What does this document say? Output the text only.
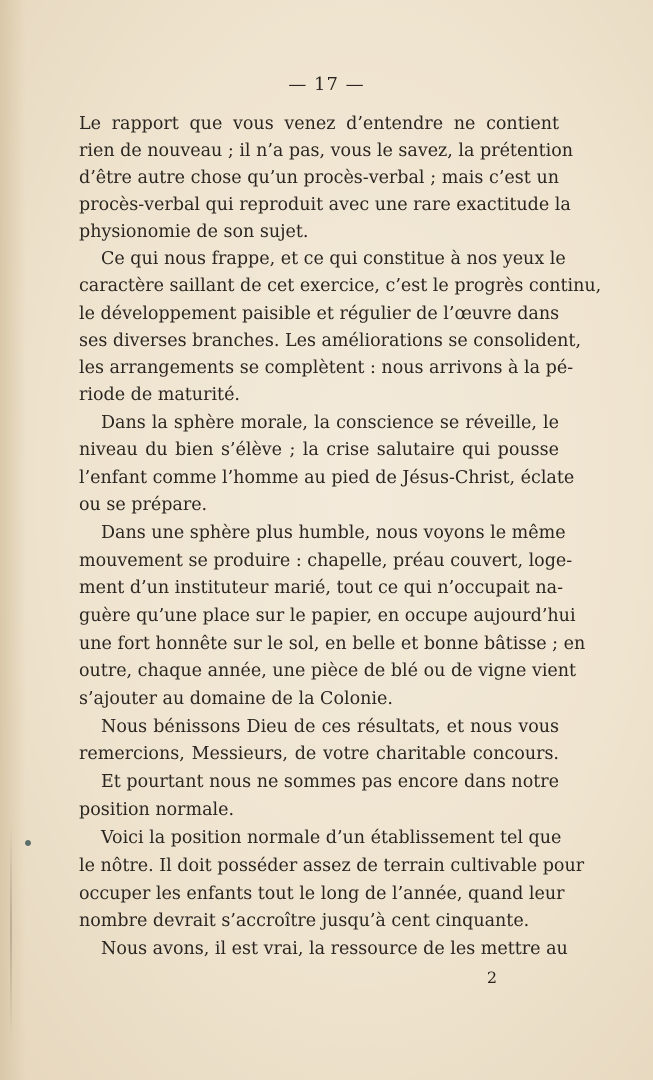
— 17 —
Le rapport que vous venez d’entendre ne contient
rien de nouveau ; il n’a pas, vous le savez, la prétention
d’être autre chose qu’un procès-verbal ; mais c’est un
procès-verbal qui reproduit avec une rare exactitude la
physionomie de son sujet.
Ce qui nous frappe, et ce qui constitue à nos yeux le
caractère saillant de cet exercice, c’est le progrès continu,
le développement paisible et régulier de l’œuvre dans
ses diverses branches. Les améliorations se consolident,
les arrangements se complètent : nous arrivons à la pé-
riode de maturité.
Dans la sphère morale, la conscience se réveille, le
niveau du bien s’élève ; la crise salutaire qui pousse
l’enfant comme l’homme au pied de Jésus-Christ, éclate
ou se prépare.
Dans une sphère plus humble, nous voyons le même
mouvement se produire : chapelle, préau couvert, loge-
ment d’un instituteur marié, tout ce qui n’occupait na-
guère qu’une place sur le papier, en occupe aujourd’hui
une fort honnête sur le sol, en belle et bonne bâtisse ; en
outre, chaque année, une pièce de blé ou de vigne vient
s’ajouter au domaine de la Colonie.
Nous bénissons Dieu de ces résultats, et nous vous
remercions, Messieurs, de votre charitable concours.
Et pourtant nous ne sommes pas encore dans notre
position normale.
Voici la position normale d’un établissement tel que
le nôtre. Il doit posséder assez de terrain cultivable pour
occuper les enfants tout le long de l’année, quand leur
nombre devrait s’accroître jusqu’à cent cinquante.
Nous avons, il est vrai, la ressource de les mettre au
2
